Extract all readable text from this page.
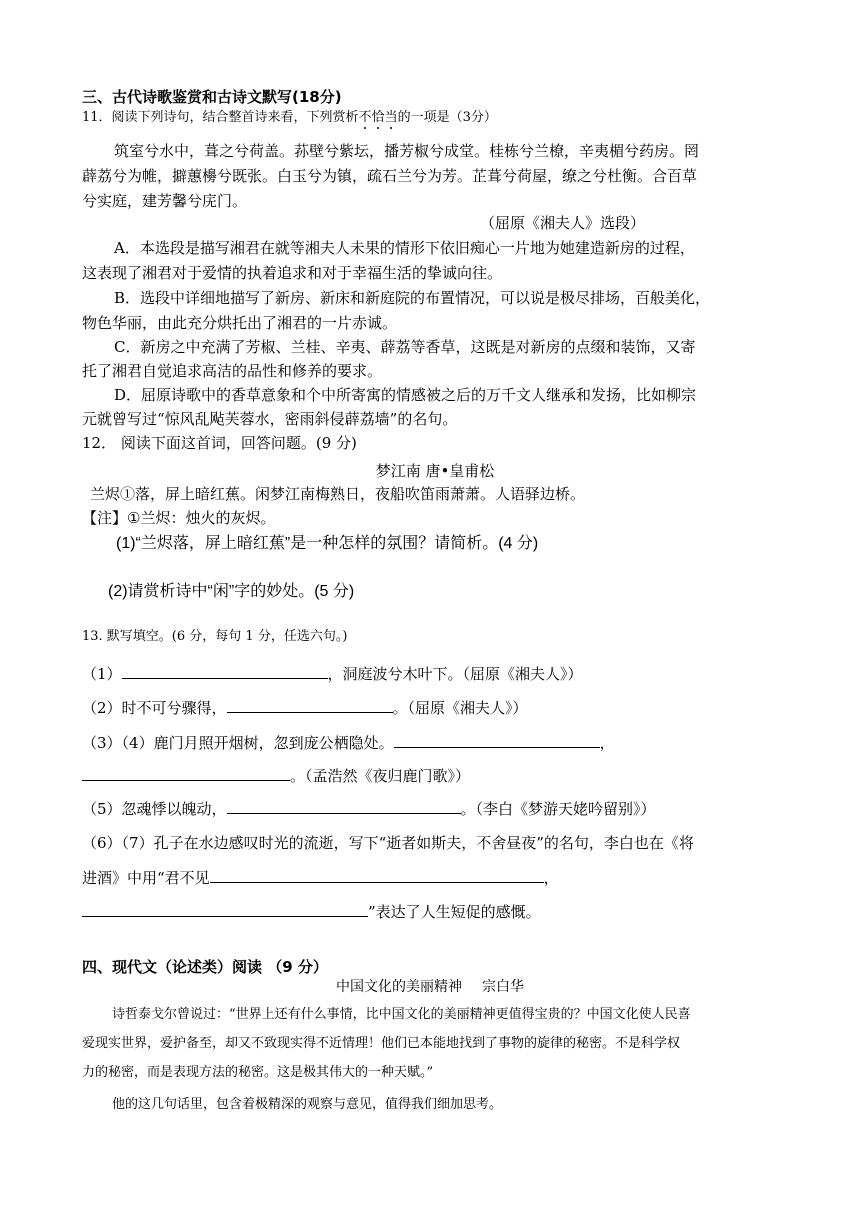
三、古代诗歌鉴赏和古诗文默写(18分)
11．阅读下列诗句，结合整首诗来看，下列赏析不恰当的一项是（3分）
筑室兮水中，葺之兮荷盖。荪壁兮紫坛，播芳椒兮成堂。桂栋兮兰橑，辛夷楣兮药房。罔
薜荔兮为帷，擗蕙櫋兮既张。白玉兮为镇，疏石兰兮为芳。芷葺兮荷屋，缭之兮杜衡。合百草
兮实庭，建芳馨兮庑门。
（屈原《湘夫人》选段）
A．本选段是描写湘君在就等湘夫人未果的情形下依旧痴心一片地为她建造新房的过程，
这表现了湘君对于爱情的执着追求和对于幸福生活的挚诚向往。
B．选段中详细地描写了新房、新床和新庭院的布置情况，可以说是极尽排场，百般美化，
物色华丽，由此充分烘托出了湘君的一片赤诚。
C．新房之中充满了芳椒、兰桂、辛夷、薜荔等香草，这既是对新房的点缀和装饰，又寄
托了湘君自觉追求高洁的品性和修养的要求。
D．屈原诗歌中的香草意象和个中所寄寓的情感被之后的万千文人继承和发扬，比如柳宗
元就曾写过“惊风乱飐芙蓉水，密雨斜侵薜荔墙”的名句。
12． 阅读下面这首词，回答问题。(9 分)
梦江南 唐•皇甫松
兰烬①落，屏上暗红蕉。闲梦江南梅熟日，夜船吹笛雨萧萧。人语驿边桥。
【注】①兰烬：烛火的灰烬。
(1)“兰烬落，屏上暗红蕉”是一种怎样的氛围？请简析。(4 分)
(2)请赏析诗中“闲”字的妙处。(5 分)
13. 默写填空。(6 分，每句 1 分，任选六句。)
（1）	，洞庭波兮木叶下。（屈原《湘夫人》）
（2）时不可兮骤得，	。（屈原《湘夫人》）
（3）（4）鹿门月照开烟树，忽到庞公栖隐处。	，
。（孟浩然《夜归鹿门歌》）
（5）忽魂悸以魄动，	。（李白《梦游天姥吟留别》）
（6）（7）孔子在水边感叹时光的流逝，写下“逝者如斯夫，不舍昼夜”的名句，李白也在《将
进酒》中用“君不见	，
”表达了人生短促的感慨。
四、现代文（论述类）阅读 （9 分）
中国文化的美丽精神 宗白华
诗哲泰戈尔曾说过：“世界上还有什么事情，比中国文化的美丽精神更值得宝贵的？中国文化使人民喜
爱现实世界，爱护备至，却又不致现实得不近情理！他们已本能地找到了事物的旋律的秘密。不是科学权
力的秘密，而是表现方法的秘密。这是极其伟大的一种天赋。”
他的这几句话里，包含着极精深的观察与意见，值得我们细加思考。
